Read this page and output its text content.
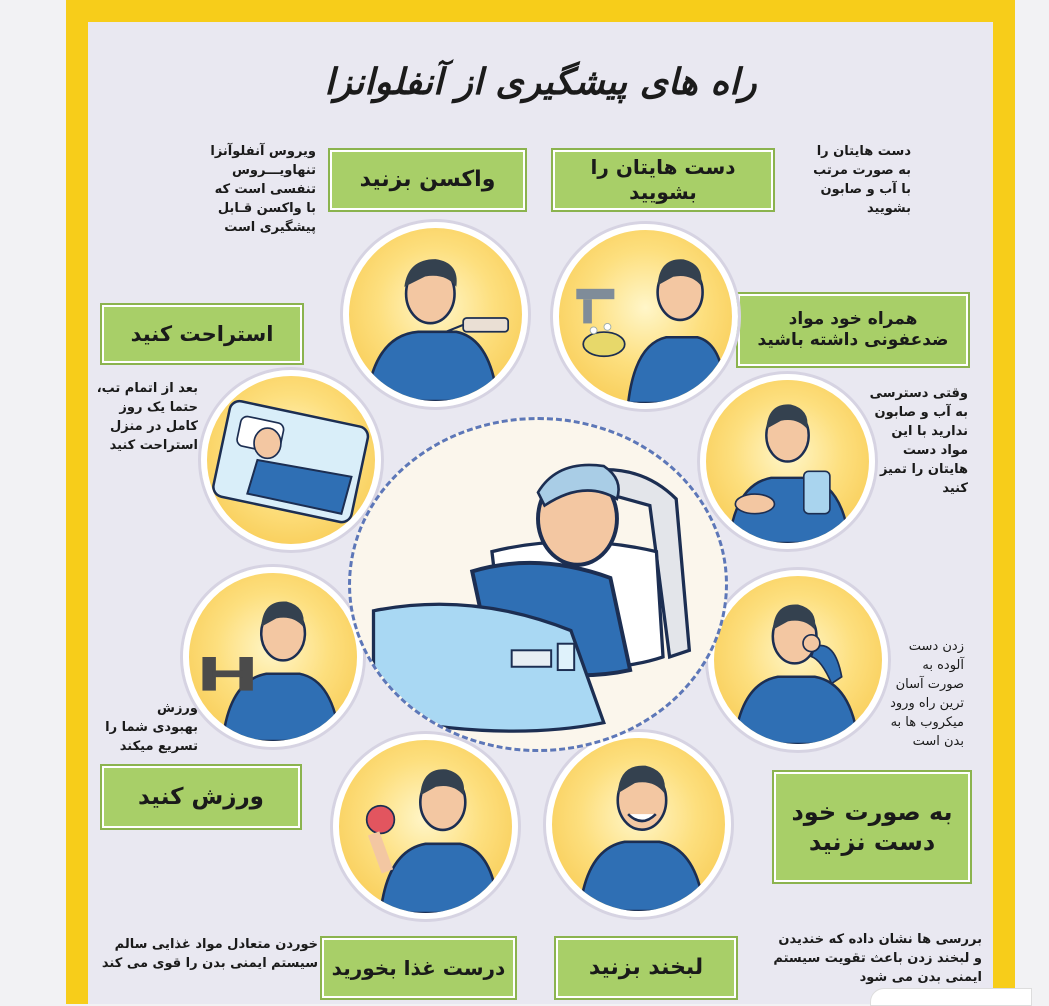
راه های پیشگیری از آنفلوانزا
دست هایتان را بشویید
دست هایتان را
به صورت مرتب
با آب و صابون
بشویید
واکسن بزنید
ویروس آنفلوآنزا
تنهاویـــروس
تنفسی است که
با واکسن قـابل
پیشگیری است
استراحت کنید
بعد از اتمام تب،
حتما یک روز
کامل در منزل
استراحت کنید
همراه خود مواد
ضدعفونی داشته باشید
وقتی دسترسی
به آب و صابون
ندارید با این
مواد دست
هایتان را تمیز
کنید
ورزش کنید
ورزش
بهبودی شما را
تسریع میکند
به صورت خود
دست نزنید
زدن دست
آلوده به
صورت آسان
ترین راه ورود
میکروب ها به
بدن است
درست غذا بخورید
خوردن متعادل مواد غذایی سالم
سیستم ایمنی بدن را قوی می کند	لبخند بزنید
بررسی ها نشان داده که خندیدن
و لبخند زدن باعث تقویت سیستم
ایمنی بدن می شود
